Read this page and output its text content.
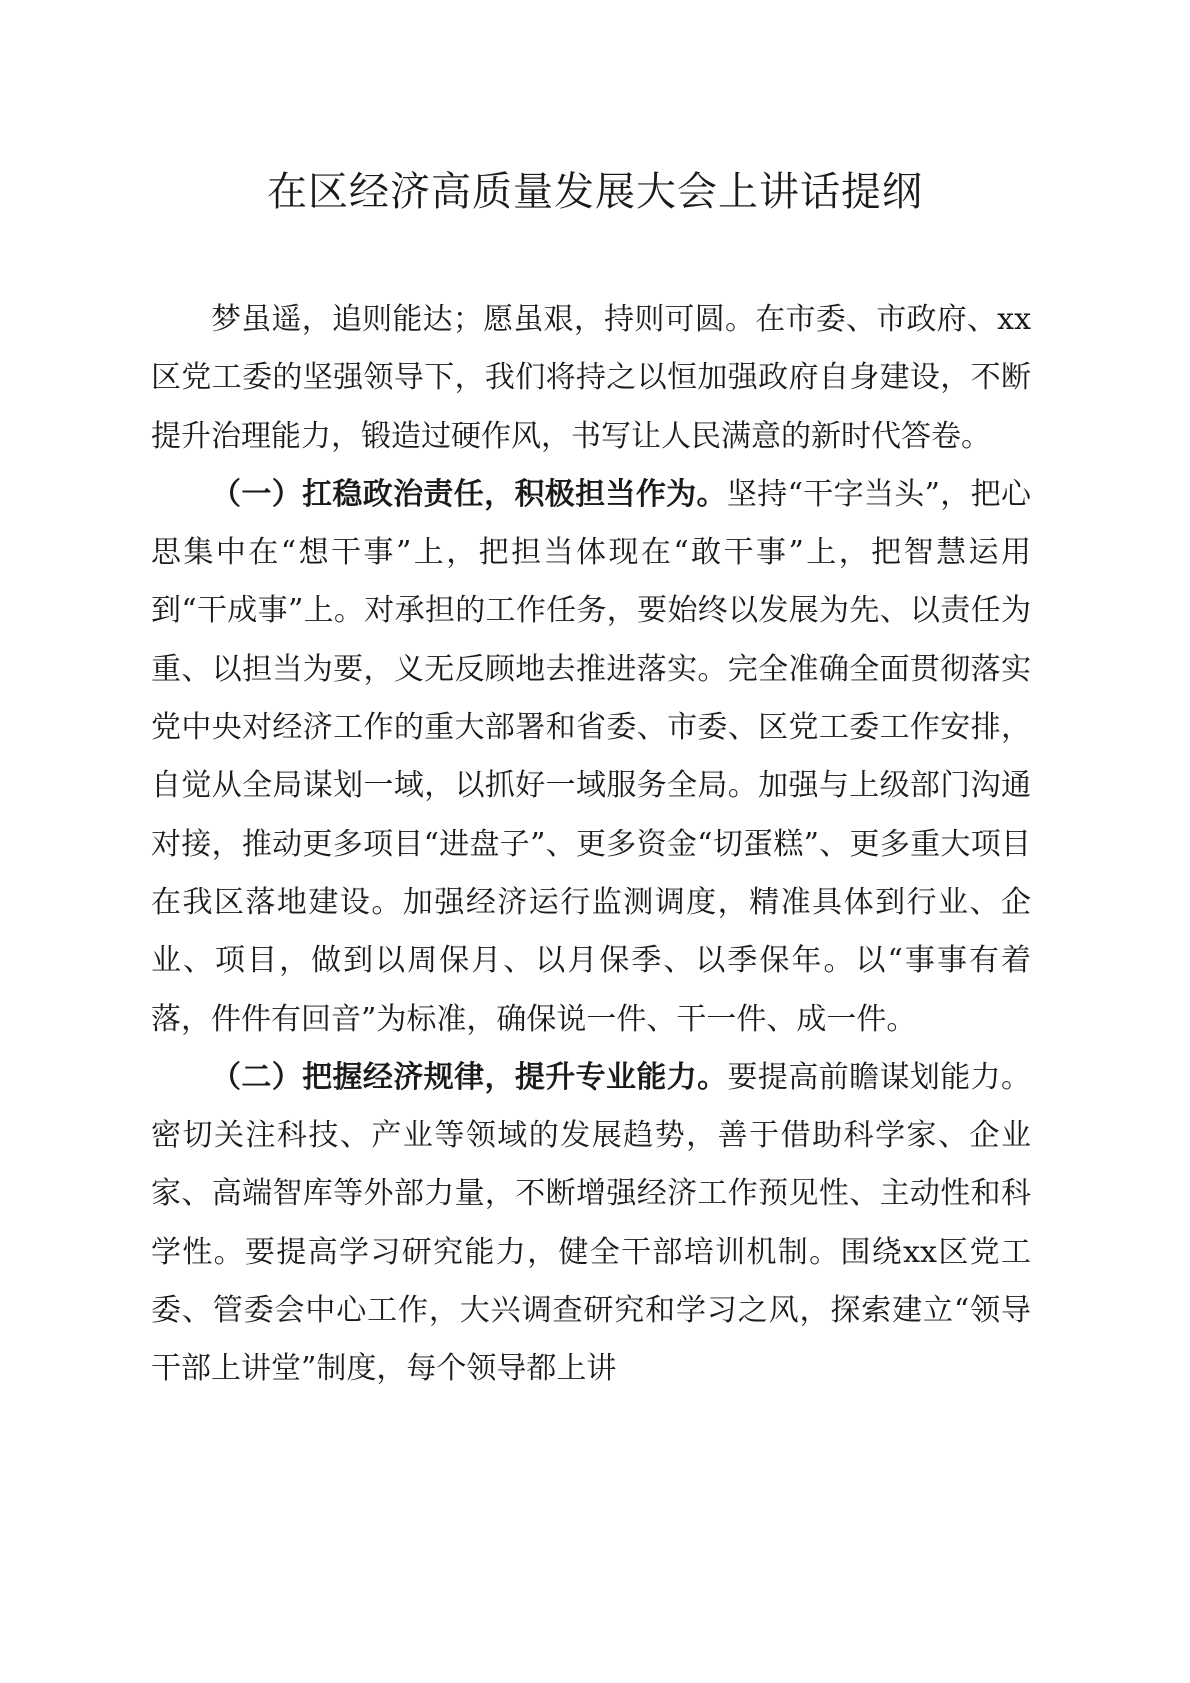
在区经济高质量发展大会上讲话提纲

梦虽遥，追则能达；愿虽艰，持则可圆。在市委、市政府、xx区党工委的坚强领导下，我们将持之以恒加强政府自身建设，不断提升治理能力，锻造过硬作风，书写让人民满意的新时代答卷。

（一）扛稳政治责任，积极担当作为。坚持“干字当头”，把心思集中在“想干事”上，把担当体现在“敢干事”上，把智慧运用到“干成事”上。对承担的工作任务，要始终以发展为先、以责任为重、以担当为要，义无反顾地去推进落实。完全准确全面贯彻落实党中央对经济工作的重大部署和省委、市委、区党工委工作安排，自觉从全局谋划一域，以抓好一域服务全局。加强与上级部门沟通对接，推动更多项目“进盘子”、更多资金“切蛋糕”、更多重大项目在我区落地建设。加强经济运行监测调度，精准具体到行业、企业、项目，做到以周保月、以月保季、以季保年。以“事事有着落，件件有回音”为标准，确保说一件、干一件、成一件。

（二）把握经济规律，提升专业能力。要提高前瞻谋划能力。密切关注科技、产业等领域的发展趋势，善于借助科学家、企业家、高端智库等外部力量，不断增强经济工作预见性、主动性和科学性。要提高学习研究能力，健全干部培训机制。围绕xx区党工委、管委会中心工作，大兴调查研究和学习之风，探索建立“领导干部上讲堂”制度，每个领导都上讲
